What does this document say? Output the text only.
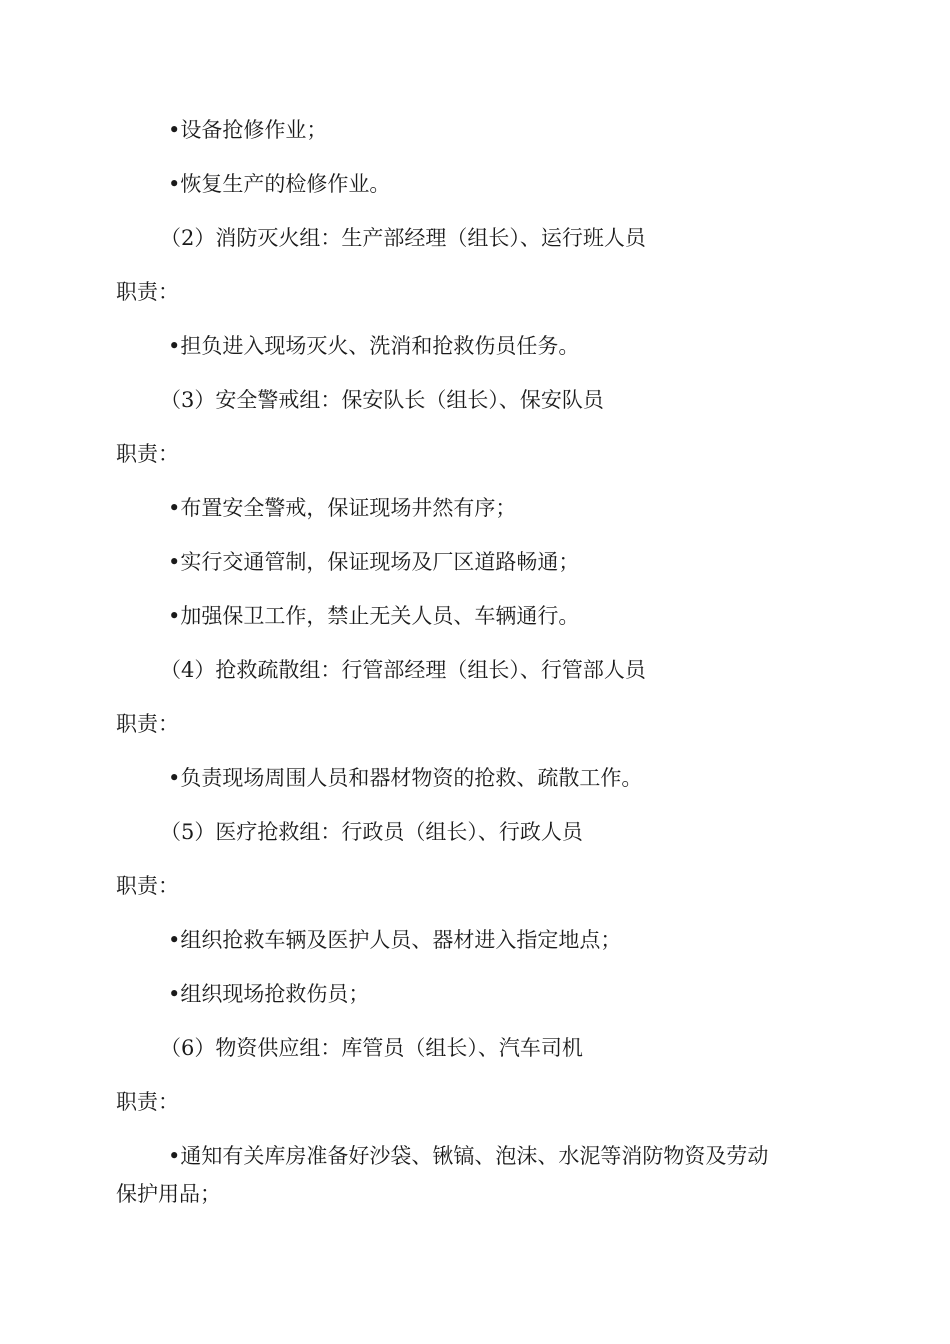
•设备抢修作业；
•恢复生产的检修作业。
（2）消防灭火组：生产部经理（组长）、运行班人员
职责：
•担负进入现场灭火、洗消和抢救伤员任务。
（3）安全警戒组：保安队长（组长）、保安队员
职责：
•布置安全警戒，保证现场井然有序；
•实行交通管制，保证现场及厂区道路畅通；
•加强保卫工作，禁止无关人员、车辆通行。
（4）抢救疏散组：行管部经理（组长）、行管部人员
职责：
•负责现场周围人员和器材物资的抢救、疏散工作。
（5）医疗抢救组：行政员（组长）、行政人员
职责：
•组织抢救车辆及医护人员、器材进入指定地点；
•组织现场抢救伤员；
（6）物资供应组：库管员（组长）、汽车司机
职责：
•通知有关库房准备好沙袋、锹镐、泡沫、水泥等消防物资及劳动保护用品；
